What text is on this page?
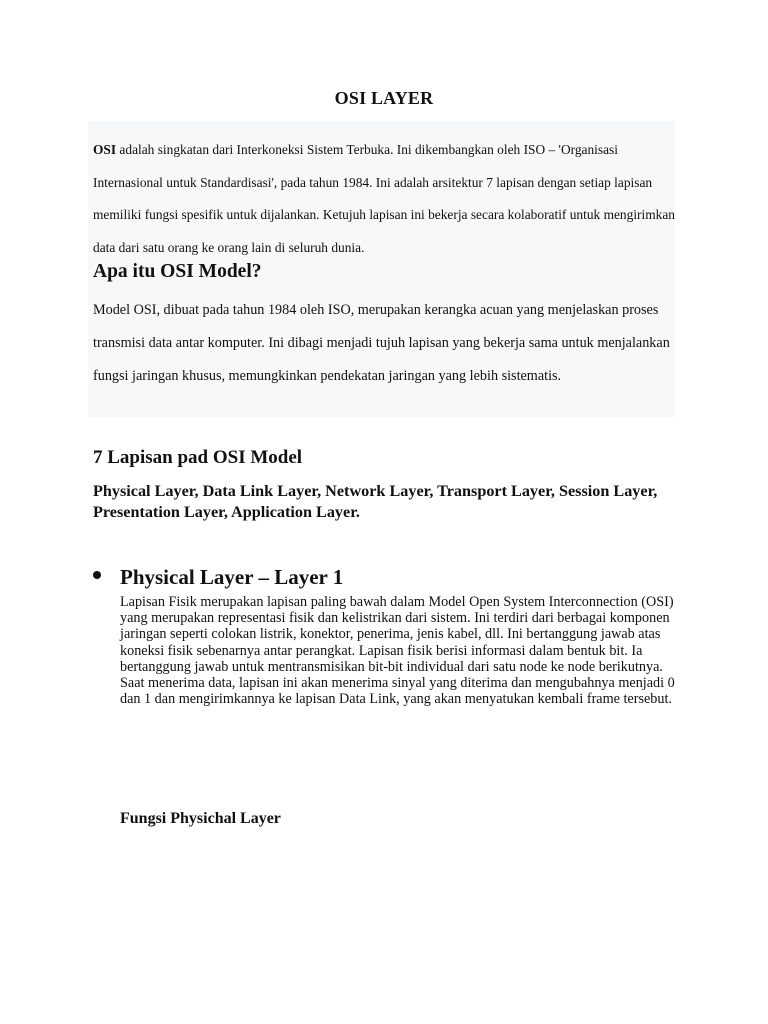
OSI LAYER

OSI adalah singkatan dari Interkoneksi Sistem Terbuka. Ini dikembangkan oleh ISO – 'Organisasi Internasional untuk Standardisasi', pada tahun 1984. Ini adalah arsitektur 7 lapisan dengan setiap lapisan memiliki fungsi spesifik untuk dijalankan. Ketujuh lapisan ini bekerja secara kolaboratif untuk mengirimkan data dari satu orang ke orang lain di seluruh dunia.

Apa itu OSI Model?

Model OSI, dibuat pada tahun 1984 oleh ISO, merupakan kerangka acuan yang menjelaskan proses transmisi data antar komputer. Ini dibagi menjadi tujuh lapisan yang bekerja sama untuk menjalankan fungsi jaringan khusus, memungkinkan pendekatan jaringan yang lebih sistematis.

7 Lapisan pad OSI Model

Physical Layer, Data Link Layer, Network Layer, Transport Layer, Session Layer, Presentation Layer, Application Layer.

Physical Layer – Layer 1

Lapisan Fisik merupakan lapisan paling bawah dalam Model Open System Interconnection (OSI) yang merupakan representasi fisik dan kelistrikan dari sistem. Ini terdiri dari berbagai komponen jaringan seperti colokan listrik, konektor, penerima, jenis kabel, dll. Ini bertanggung jawab atas koneksi fisik sebenarnya antar perangkat. Lapisan fisik berisi informasi dalam bentuk bit. Ia bertanggung jawab untuk mentransmisikan bit-bit individual dari satu node ke node berikutnya. Saat menerima data, lapisan ini akan menerima sinyal yang diterima dan mengubahnya menjadi 0 dan 1 dan mengirimkannya ke lapisan Data Link, yang akan menyatukan kembali frame tersebut.

Fungsi Physichal Layer
